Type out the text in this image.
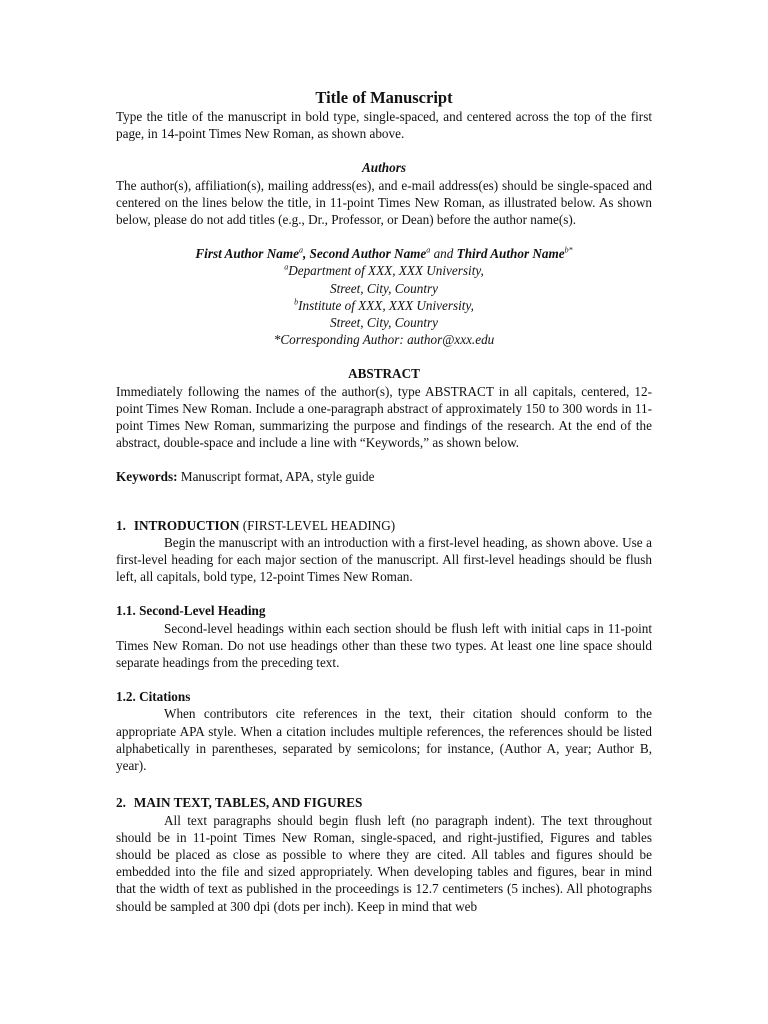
Title of Manuscript

Type the title of the manuscript in bold type, single-spaced, and centered across the top of the first page, in 14-point Times New Roman, as shown above.

Authors

The author(s), affiliation(s), mailing address(es), and e-mail address(es) should be single-spaced and centered on the lines below the title, in 11-point Times New Roman, as illustrated below. As shown below, please do not add titles (e.g., Dr., Professor, or Dean) before the author name(s).

First Author Name$^a$, Second Author Name$^a$ and Third Author Name$^{b*}$

$^a$Department of XXX, XXX University,

Street, City, Country

$^b$Institute of XXX, XXX University,

Street, City, Country

*Corresponding Author: author@xxx.edu

ABSTRACT

Immediately following the names of the author(s), type ABSTRACT in all capitals, centered, 12-point Times New Roman. Include a one-paragraph abstract of approximately 150 to 300 words in 11-point Times New Roman, summarizing the purpose and findings of the research. At the end of the abstract, double-space and include a line with “Keywords,” as shown below.

Keywords: Manuscript format, APA, style guide

1. INTRODUCTION (FIRST-LEVEL HEADING)

Begin the manuscript with an introduction with a first-level heading, as shown above. Use a first-level heading for each major section of the manuscript. All first-level headings should be flush left, all capitals, bold type, 12-point Times New Roman.

1.1. Second-Level Heading

Second-level headings within each section should be flush left with initial caps in 11-point Times New Roman. Do not use headings other than these two types. At least one line space should separate headings from the preceding text.

1.2. Citations

When contributors cite references in the text, their citation should conform to the appropriate APA style. When a citation includes multiple references, the references should be listed alphabetically in parentheses, separated by semicolons; for instance, (Author A, year; Author B, year).

2. MAIN TEXT, TABLES, AND FIGURES

All text paragraphs should begin flush left (no paragraph indent). The text throughout should be in 11-point Times New Roman, single-spaced, and right-justified, Figures and tables should be placed as close as possible to where they are cited. All tables and figures should be embedded into the file and sized appropriately. When developing tables and figures, bear in mind that the width of text as published in the proceedings is 12.7 centimeters (5 inches). All photographs should be sampled at 300 dpi (dots per inch). Keep in mind that web
